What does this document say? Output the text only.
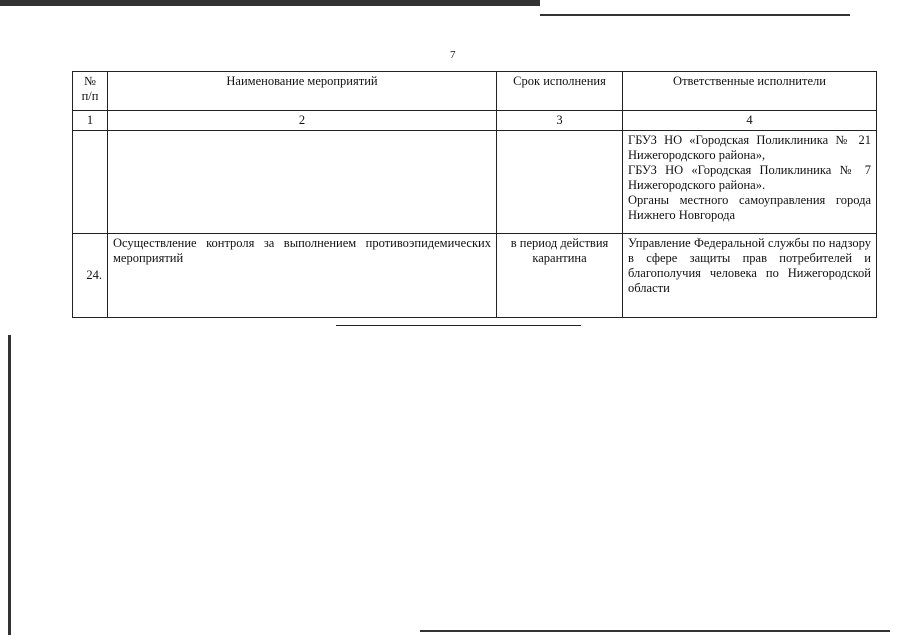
7
№ п/п	Наименование мероприятий	Срок исполнения	Ответственные исполнители
1	2	3	4

			ГБУЗ НО «Городская Поликлиника № 21 Нижегородского района»,
ГБУЗ НО «Городская Поликлиника № 7 Нижегородского района».
Органы местного самоуправления города Нижнего Новгорода

24.	Осуществление контроля за выполнением противоэпидемических мероприятий	в период действия карантина	Управление Федеральной службы по надзору в сфере защиты прав потребителей и благополучия человека по Нижегородской области
